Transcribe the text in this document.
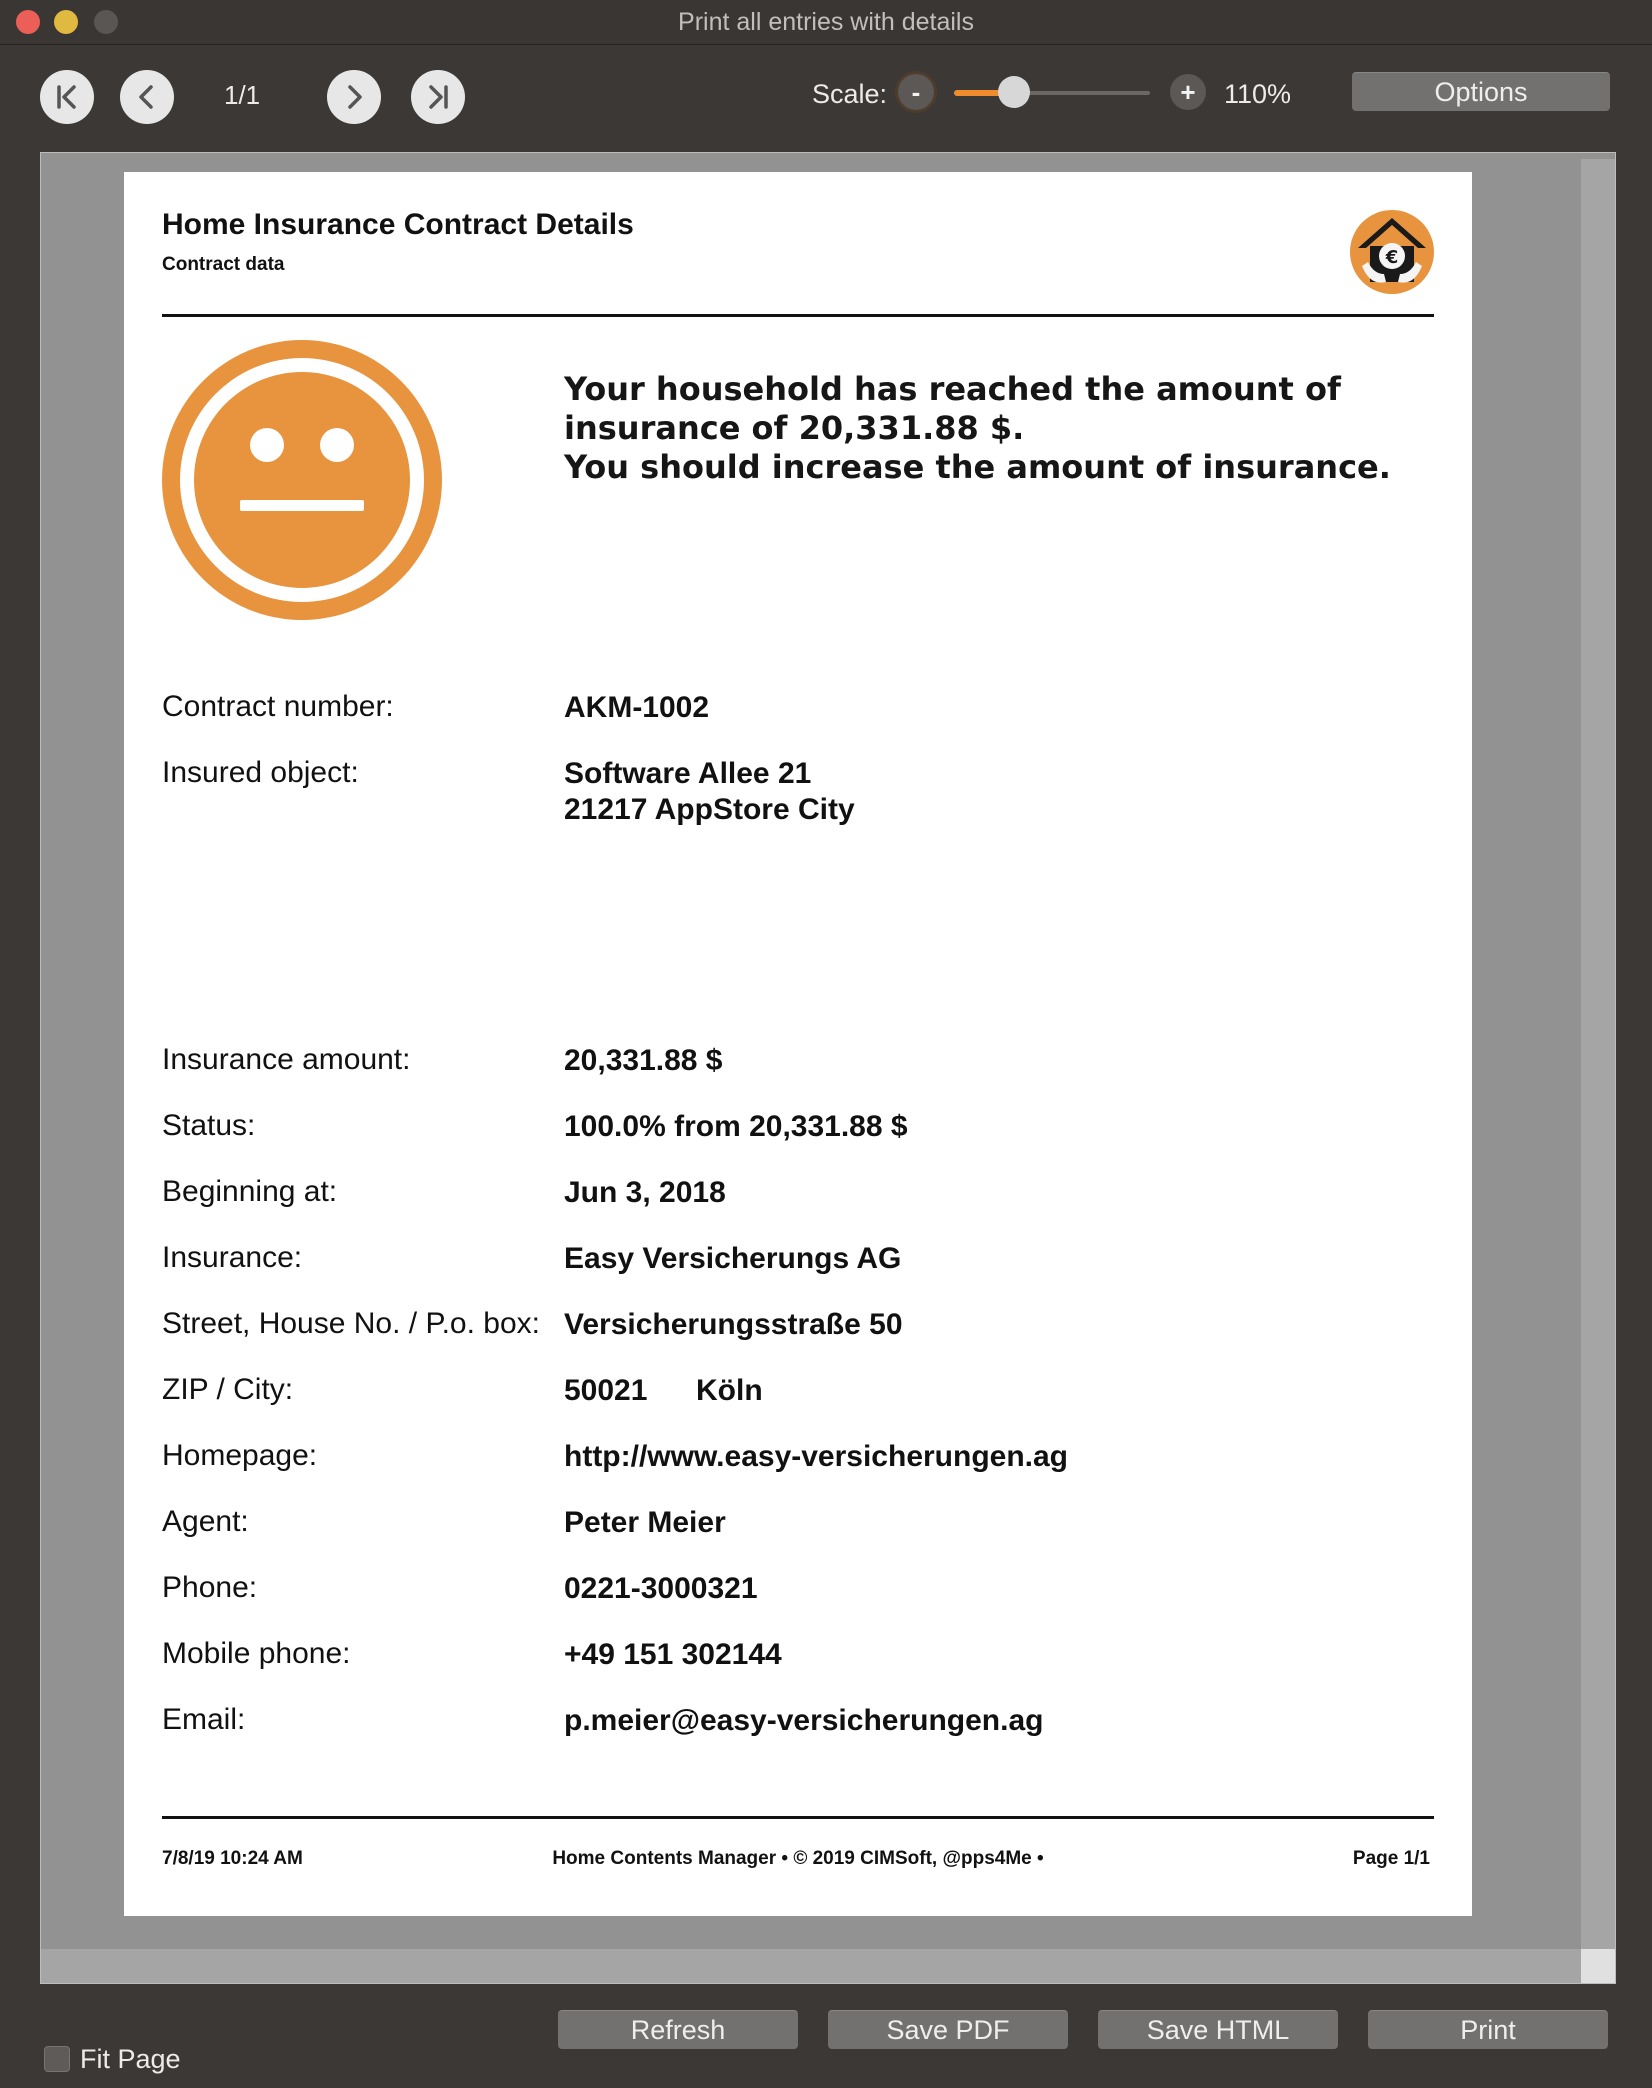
Print all entries with details
1/1	Scale: -	+	110%	Options
Home Insurance Contract Details
Contract data	€
Your household has reached the amount of
insurance of 20,331.88 $.
You should increase the amount of insurance.
Contract number:	AKM-1002
Insured object:	Software Allee 21
21217 AppStore City
Insurance amount:	20,331.88 $
Status:	100.0% from 20,331.88 $
Beginning at:	Jun 3, 2018
Insurance:	Easy Versicherungs AG
Street, House No. / P.o. box: Versicherungsstraße 50
ZIP / City:	50021 Köln
Homepage:	http://www.easy-versicherungen.ag
Agent:	Peter Meier
Phone:	0221-3000321
Mobile phone:	+49 151 302144
Email:	p.meier@easy-versicherungen.ag
Home Contents Manager • © 2019 CIMSoft, @pps4Me •
7/8/19 10:24 AM	Page 1/1
Fit Page
Refresh	Save PDF	Save HTML	Print
